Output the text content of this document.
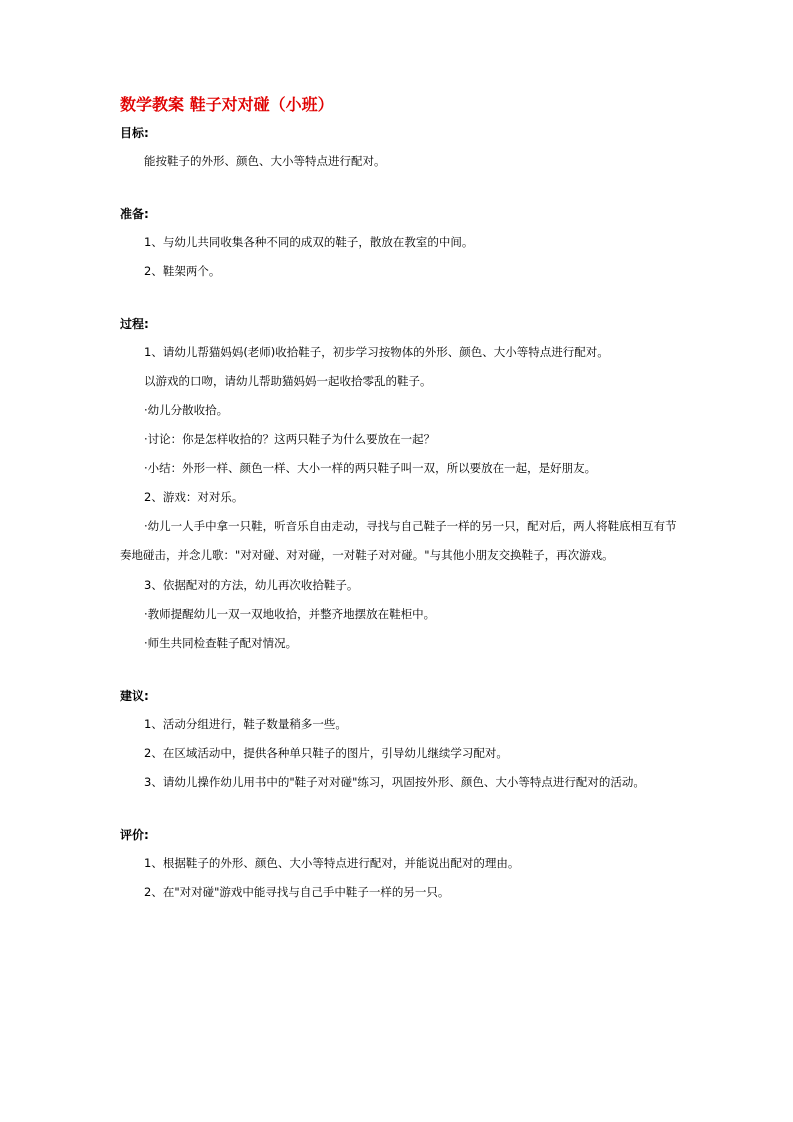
数学教案 鞋子对对碰（小班）
目标:
能按鞋子的外形、颜色、大小等特点进行配对。
准备:
1、与幼儿共同收集各种不同的成双的鞋子，散放在教室的中间。
2、鞋架两个。
过程:
1、请幼儿帮猫妈妈(老师)收拾鞋子，初步学习按物体的外形、颜色、大小等特点进行配对。
以游戏的口吻，请幼儿帮助猫妈妈一起收拾零乱的鞋子。
·幼儿分散收拾。
·讨论：你是怎样收拾的？这两只鞋子为什么要放在一起？
·小结：外形一样、颜色一样、大小一样的两只鞋子叫一双，所以要放在一起，是好朋友。
2、游戏：对对乐。
·幼儿一人手中拿一只鞋，听音乐自由走动，寻找与自己鞋子一样的另一只，配对后，两人将鞋底相互有节奏地碰击，并念儿歌："对对碰、对对碰，一对鞋子对对碰。"与其他小朋友交换鞋子，再次游戏。
3、依据配对的方法，幼儿再次收拾鞋子。
·教师提醒幼儿一双一双地收拾，并整齐地摆放在鞋柜中。
·师生共同检查鞋子配对情况。
建议:
1、活动分组进行，鞋子数量稍多一些。
2、在区域活动中，提供各种单只鞋子的图片，引导幼儿继续学习配对。
3、请幼儿操作幼儿用书中的"鞋子对对碰"练习，巩固按外形、颜色、大小等特点进行配对的活动。
评价:
1、根据鞋子的外形、颜色、大小等特点进行配对，并能说出配对的理由。
2、在"对对碰"游戏中能寻找与自己手中鞋子一样的另一只。
